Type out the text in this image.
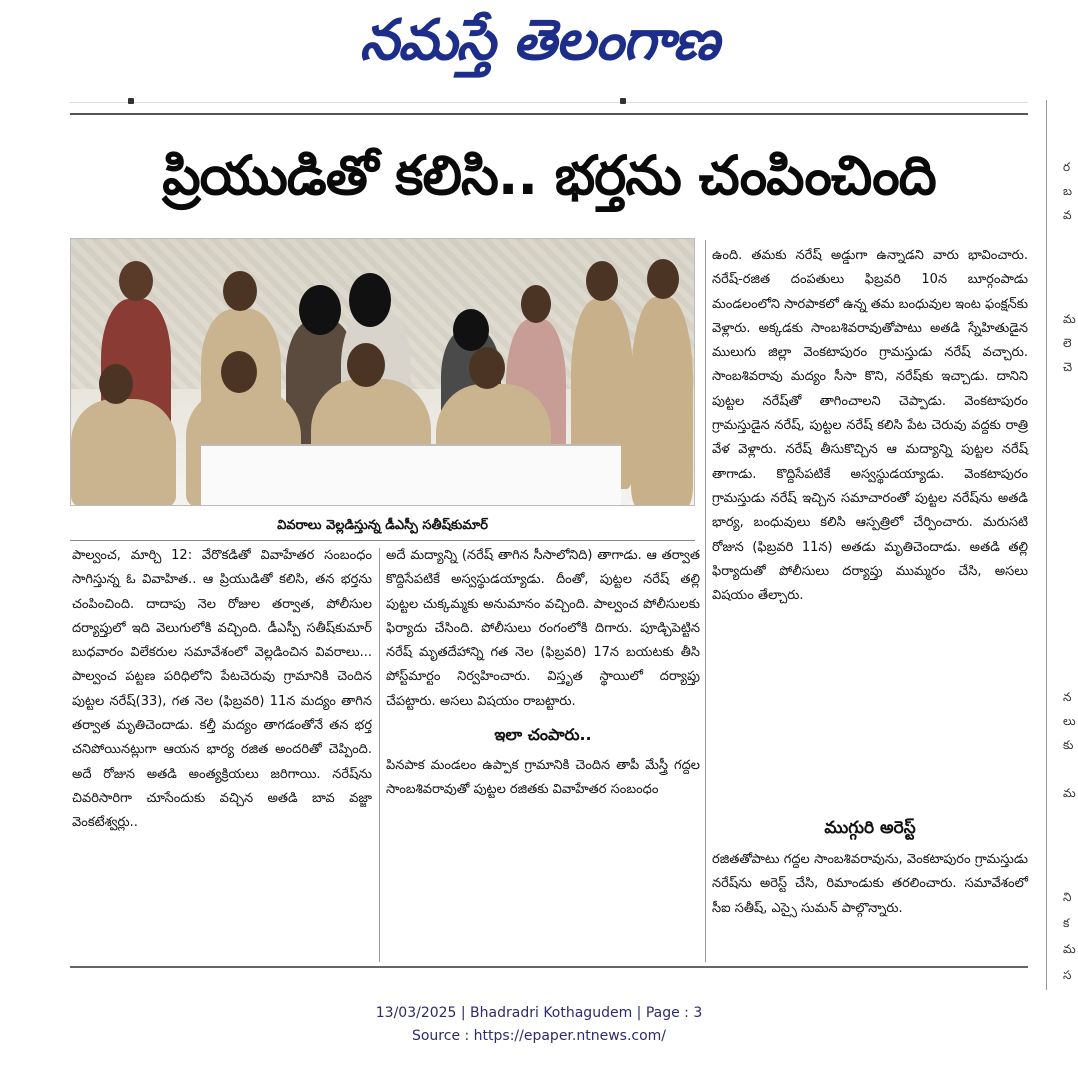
నమస్తే తెలంగాణ
ప్రియుడితో కలిసి.. భర్తను చంపించింది
వివరాలు వెల్లడిస్తున్న డీఎస్పీ సతీష్‌కుమార్

పాల్వంచ, మార్చి 12: వేరొకడితో వివాహేతర సంబంధం సాగిస్తున్న ఓ వివాహిత.. ఆ ప్రియుడితో కలిసి, తన భర్తను చంపించింది. దాదాపు నెల రోజుల తర్వాత, పోలీసుల దర్యాప్తులో ఇది వెలుగులోకి వచ్చింది. డీఎస్పీ సతీష్‌కుమార్ బుధవారం విలేకరుల సమావేశంలో వెల్లడించిన వివరాలు... పాల్వంచ పట్టణ పరిధిలోని పేటచెరువు గ్రామానికి చెందిన పుట్టల నరేష్(33), గత నెల (ఫిబ్రవరి) 11న మద్యం తాగిన తర్వాత మృతిచెందాడు. కల్తీ మద్యం తాగడంతోనే తన భర్త చనిపోయినట్లుగా ఆయన భార్య రజిత అందరితో చెప్పింది. అదే రోజున అతడి అంత్యక్రియలు జరిగాయి. నరేష్‌ను చివరిసారిగా చూసేందుకు వచ్చిన అతడి బావ వజ్జా వెంకటేశ్వర్లు..

అదే మద్యాన్ని (నరేష్ తాగిన సీసాలోనిది) తాగాడు. ఆ తర్వాత కొద్దిసేపటికే అస్వస్థుడయ్యాడు. దీంతో, పుట్టల నరేష్ తల్లి పుట్టల చుక్కమ్మకు అనుమానం వచ్చింది. పాల్వంచ పోలీసులకు ఫిర్యాదు చేసింది. పోలీసులు రంగంలోకి దిగారు. పూడ్చిపెట్టిన నరేష్ మృతదేహాన్ని గత నెల (ఫిబ్రవరి) 17న బయటకు తీసి పోస్ట్‌మార్టం నిర్వహించారు. విస్తృత స్థాయిలో దర్యాప్తు చేపట్టారు. అసలు విషయం రాబట్టారు.

ఇలా చంపారు..

పినపాక మండలం ఉప్పాక గ్రామానికి చెందిన తాపీ మేస్త్రీ గద్దల సాంబశివరావుతో పుట్టల రజితకు వివాహేతర సంబంధం

ఉంది. తమకు నరేష్ అడ్డుగా ఉన్నాడని వారు భావించారు. నరేష్-రజిత దంపతులు ఫిబ్రవరి 10న బూర్గంపాడు మండలంలోని సారపాకలో ఉన్న తమ బంధువుల ఇంట ఫంక్షన్‌కు వెళ్లారు. అక్కడకు సాంబశివరావుతోపాటు అతడి స్నేహితుడైన ములుగు జిల్లా వెంకటాపురం గ్రామస్తుడు నరేష్ వచ్చారు. సాంబశివరావు మద్యం సీసా కొని, నరేష్‌కు ఇచ్చాడు. దానిని పుట్టల నరేష్‌తో తాగించాలని చెప్పాడు. వెంకటాపురం గ్రామస్తుడైన నరేష్, పుట్టల నరేష్ కలిసి పేట చెరువు వద్దకు రాత్రి వేళ వెళ్లారు. నరేష్ తీసుకొచ్చిన ఆ మద్యాన్ని పుట్టల నరేష్ తాగాడు. కొద్దిసేపటికే అస్వస్థుడయ్యాడు. వెంకటాపురం గ్రామస్తుడు నరేష్ ఇచ్చిన సమాచారంతో పుట్టల నరేష్‌ను అతడి భార్య, బంధువులు కలిసి ఆస్పత్రిలో చేర్పించారు. మరుసటి రోజున (ఫిబ్రవరి 11న) అతడు మృతిచెందాడు. అతడి తల్లి ఫిర్యాదుతో పోలీసులు దర్యాప్తు ముమ్మరం చేసి, అసలు విషయం తేల్చారు.

ముగ్గురి అరెస్ట్

రజితతోపాటు గద్దల సాంబశివరావును, వెంకటాపురం గ్రామస్తుడు నరేష్‌ను అరెస్ట్ చేసి, రిమాండుకు తరలించారు. సమావేశంలో సీఐ సతీష్, ఎస్సై సుమన్ పాల్గొన్నారు.

ర
బ
వ
మ
లె
చె
న
లు
కు
మ
ని
క
మ
స
13/03/2025 | Bhadradri Kothagudem | Page : 3
Source : https://epaper.ntnews.com/
